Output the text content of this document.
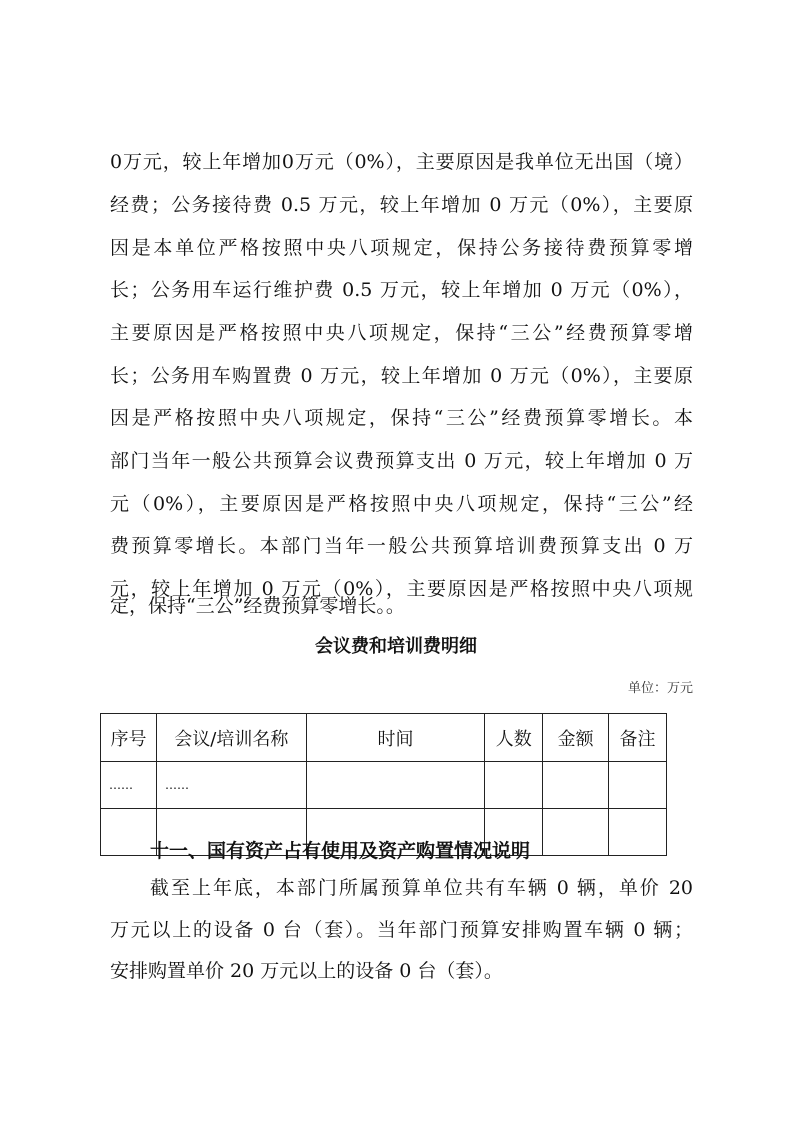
0万元，较上年增加0万元（0%），主要原因是我单位无出国（境）
经费；公务接待费 0.5 万元，较上年增加 0 万元（0%），主要原
因是本单位严格按照中央八项规定，保持公务接待费预算零增
长；公务用车运行维护费 0.5 万元，较上年增加 0 万元（0%），
主要原因是严格按照中央八项规定，保持“三公”经费预算零增
长；公务用车购置费 0 万元，较上年增加 0 万元（0%），主要原
因是严格按照中央八项规定，保持“三公”经费预算零增长。本
部门当年一般公共预算会议费预算支出 0 万元，较上年增加 0 万
元（0%），主要原因是严格按照中央八项规定，保持“三公”经
费预算零增长。本部门当年一般公共预算培训费预算支出 0 万
元，较上年增加 0 万元（0%），主要原因是严格按照中央八项规
定，保持“三公”经费预算零增长。。
会议费和培训费明细
单位：万元
序号	会议/培训名称	时间	人数	金额	备注
……	……				

十一、国有资产占有使用及资产购置情况说明
截至上年底，本部门所属预算单位共有车辆 0 辆，单价 20
万元以上的设备 0 台（套）。当年部门预算安排购置车辆 0 辆；
安排购置单价 20 万元以上的设备 0 台（套）。
